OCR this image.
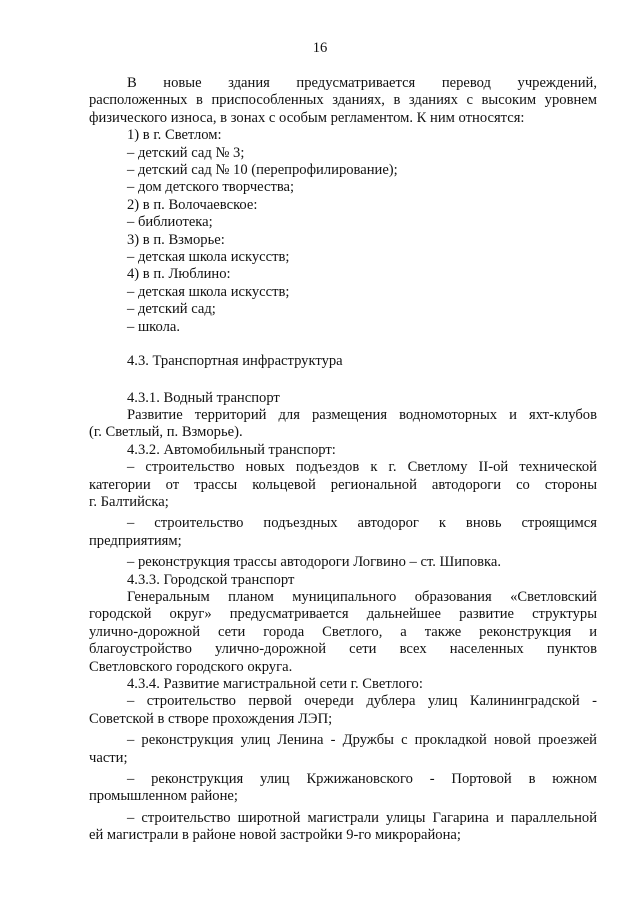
16

В новые здания предусматривается перевод учреждений,

расположенных в приспособленных зданиях, в зданиях с высоким уровнем

физического износа, в зонах с особым регламентом. К ним относятся:

1) в г. Светлом:

– детский сад № 3;

– детский сад № 10 (перепрофилирование);

– дом детского творчества;

2) в п. Волочаевское:

– библиотека;

3) в п. Взморье:

– детская школа искусств;

4) в п. Люблино:

– детская школа искусств;

– детский сад;

– школа.

4.3. Транспортная инфраструктура

4.3.1. Водный транспорт

Развитие территорий для размещения водномоторных и яхт-клубов

(г. Светлый, п. Взморье).

4.3.2. Автомобильный транспорт:

– строительство новых подъездов к г. Светлому II-ой технической

категории от трассы кольцевой региональной автодороги со стороны

г. Балтийска;

– строительство подъездных автодорог к вновь строящимся

предприятиям;

– реконструкция трассы автодороги Логвино – ст. Шиповка.

4.3.3. Городской транспорт

Генеральным планом муниципального образования «Светловский

городской округ» предусматривается дальнейшее развитие структуры

улично-дорожной сети города Светлого, а также реконструкция и

благоустройство улично-дорожной сети всех населенных пунктов

Светловского городского округа.

4.3.4. Развитие магистральной сети г. Светлого:

– строительство первой очереди дублера улиц Калининградской -

Советской в створе прохождения ЛЭП;

– реконструкция улиц Ленина - Дружбы с прокладкой новой проезжей

части;

– реконструкция улиц Кржижановского - Портовой в южном

промышленном районе;

– строительство широтной магистрали улицы Гагарина и параллельной

ей магистрали в районе новой застройки 9-го микрорайона;
